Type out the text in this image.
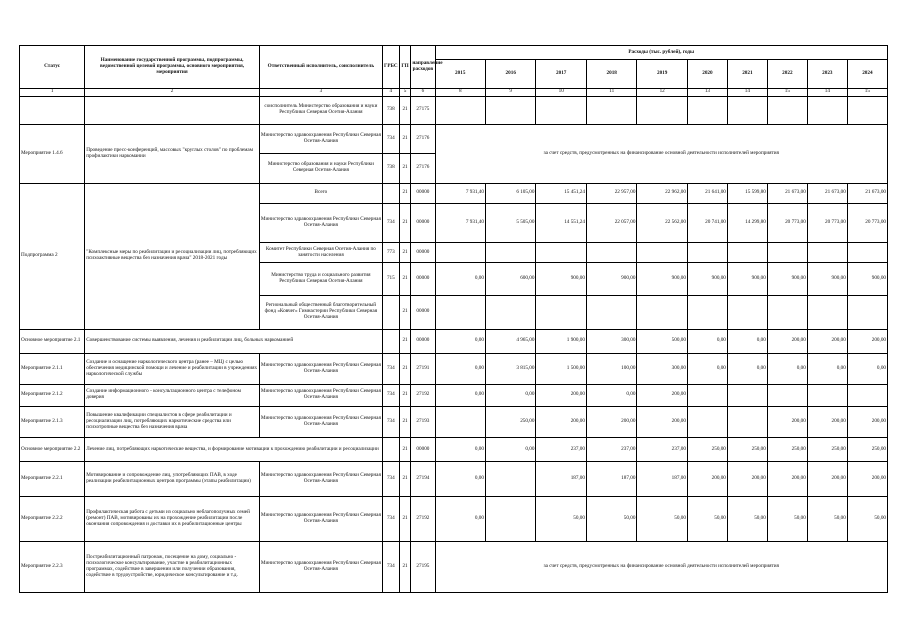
Статус	Наименование государственной программы, подпрограммы, ведомственной целевой программы, основного мероприятия, мероприятия	Ответственный исполнитель, соисполнитель	ГРБС	ГП	направление расходов	Расходы (тыс. рублей), годы									
						2015	2016	2017	2018	2019	2020	2021	2022	2023	2024
1	2	3	4	5	6	8	9	10	11	12	13	14	15	14	15
		соисполнитель Министерство образования и науки Республики Северная Осетия-Алания	738	21	27175										
Мероприятие 1.4.6	Проведение пресс-конференций, массовых "круглых столов" по проблемам профилактики наркомании	Министерство здравоохранения Республики Северная Осетия-Алания	734	21	27176	за счет средств, предусмотренных на финансирование основной деятельности исполнителей мероприятия									
		Министерство образования и науки Республики Северная Осетия-Алания	738	21	27176										
Подпрограмма 2	"Комплексные меры по реабилитации и ресоциализации лиц, потребляющих психоактивные вещества без назначения врача" 2018-2021 годы	Всего		21	00000	7 931,40	6 105,00	15 451,24	22 957,00	22 962,00	21 641,00	15 599,80	21 673,00	21 673,00	21 673,00
		Министерство здравоохранения Республики Северная Осетия-Алания	734	21	00000	7 931,40	5 505,00	14 551,24	22 057,00	22 562,00	20 741,00	14 299,80	20 773,00	20 773,00	20 773,00
		Комитет Республики Северная Осетия-Алания по занятости населения	773	21	00000										
		Министерство труда и социального развития Республики Северная Осетия-Алания	715	21	00000	0,00	600,00	900,00	900,00	900,00	900,00	900,00	900,00	900,00	900,00
		Региональный общественный благотворительный фонд «Ковчег» Гимнастерии Республики Северная Осетия-Алания		21	00000										
Основное мероприятие 2.1	Совершенствование системы выявления, лечения и реабилитации лиц, больных наркоманией			21	00000	0,00	4 965,00	1 900,00	300,00	500,00	0,00	0,00	200,00	200,00	200,00
Мероприятие 2.1.1	Создание и оснащение наркологического центра (ранее – МЦ) с целью обеспечения медицинской помощи и лечение и реабилитации в учреждениях наркологической службы	Министерство здравоохранения Республики Северная Осетия-Алания	734	21	27191	0,00	3 815,00	1 500,00	100,00	300,00	0,00	0,00	0,00	0,00	0,00
Мероприятие 2.1.2	Создание информационного - консультационного центра с телефоном доверия	Министерство здравоохранения Республики Северная Осетия-Алания	734	21	27192	0,00	0,00	200,00	0,00	200,00					
Мероприятие 2.1.3	Повышение квалификации специалистов в сфере реабилитации и ресоциализации лиц, потребляющих наркотические средства или психотропные вещества без назначения врача	Министерство здравоохранения Республики Северная Осетия-Алания	734	21	27193		250,00	200,00	200,00	200,00			200,00	200,00	200,00
Основное мероприятие 2.2	Лечение лиц, потребляющих наркотические вещества, и формирование мотивации к прохождению реабилитации и ресоциализации			21	00000	0,00	0,00	237,00	237,00	237,00	250,00	250,00	250,00	250,00	250,00
Мероприятие 2.2.1	Мотивирование и сопровождение лиц, употребляющих ПАВ, в ходе реализации реабилитационных центров программы (этапы реабилитации)	Министерство здравоохранения Республики Северная Осетия-Алания	734	21	27194	0,00		187,00	187,00	187,00	200,00	200,00	200,00	200,00	200,00
Мероприятие 2.2.2	Профилактическая работа с детьми из социально неблагополучных семей (ремонт) ПАВ, мотивированы их на прохождение реабилитации после окончания сопровождения и доставки их в реабилитационные центры	Министерство здравоохранения Республики Северная Осетия-Алания	734	21	27192	0,00		50,00	50,00	50,00	50,00	50,00	50,00	50,00	50,00
Мероприятие 2.2.3	Постреабилитационный патронаж, посещение на дому, социально - психологическое консультирование, участие в реабилитационных программах, содействие в завершении или получении образования, содействие в трудоустройстве, юридическое консультирование и т.д.	Министерство здравоохранения Республики Северная Осетия-Алания	734	21	27195	за счет средств, предусмотренных на финансирование основной деятельности исполнителей мероприятия									
